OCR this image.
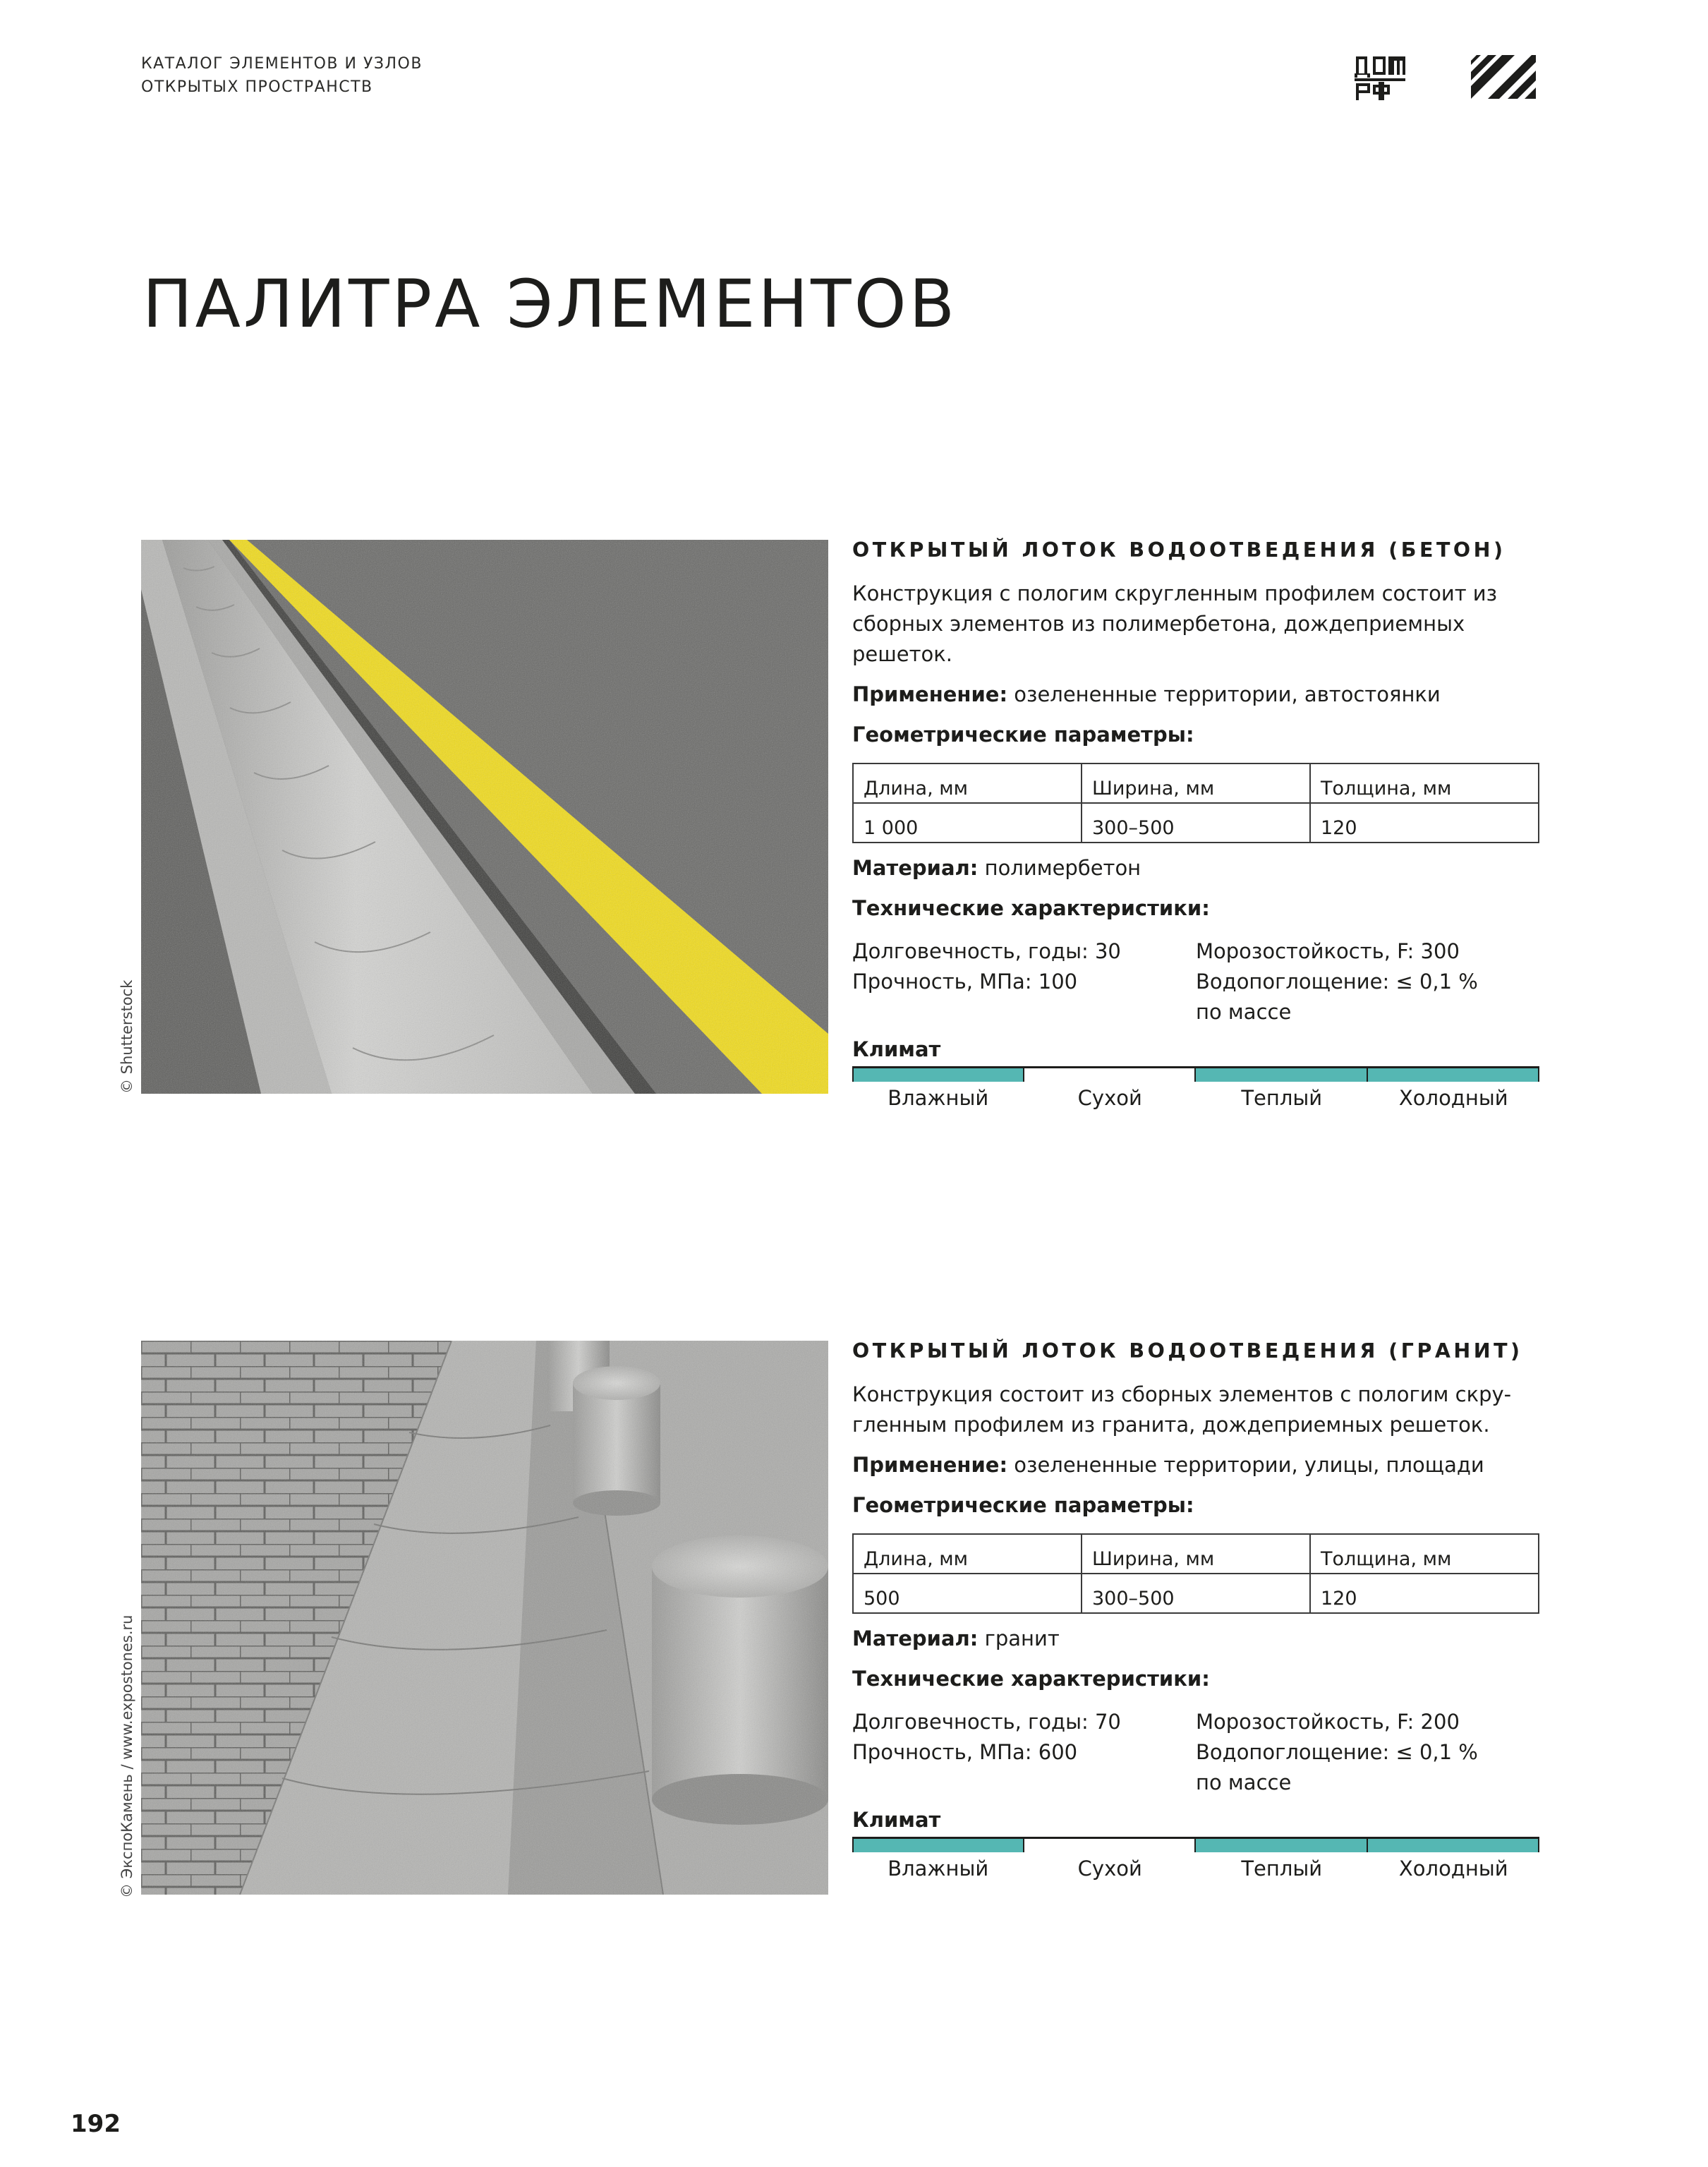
КАТАЛОГ ЭЛЕМЕНТОВ И УЗЛОВ
ОТКРЫТЫХ ПРОСТРАНСТВ
ПАЛИТРА ЭЛЕМЕНТОВ
© Shutterstock
ОТКРЫТЫЙ ЛОТОК ВОДООТВЕДЕНИЯ (БЕТОН)

Конструкция с пологим скругленным профилем состоит из сборных элементов из полимербетона, дождеприемных решеток.

Применение: озелененные территории, автостоянки

Геометрические параметры:

Длина, мм	Ширина, мм	Толщина, мм
1 000	300–500	120

Материал: полимербетон

Технические характеристики:

Долговечность, годы: 30
Прочность, МПа: 100
Морозостойкость, F: 300
Водопоглощение: ≤ 0,1 %
по массе
Климат
Влажный	Сухой	Теплый	Холодный
© ЭкспоКамень / www.expostones.ru
ОТКРЫТЫЙ ЛОТОК ВОДООТВЕДЕНИЯ (ГРАНИТ)

Конструкция состоит из сборных элементов с пологим скругленным профилем из гранита, дождеприемных решеток.

Применение: озелененные территории, улицы, площади

Геометрические параметры:

Длина, мм	Ширина, мм	Толщина, мм
500	300–500	120

Материал: гранит

Технические характеристики:

Долговечность, годы: 70
Прочность, МПа: 600
Морозостойкость, F: 200
Водопоглощение: ≤ 0,1 %
по массе
Климат
Влажный	Сухой	Теплый	Холодный
192
